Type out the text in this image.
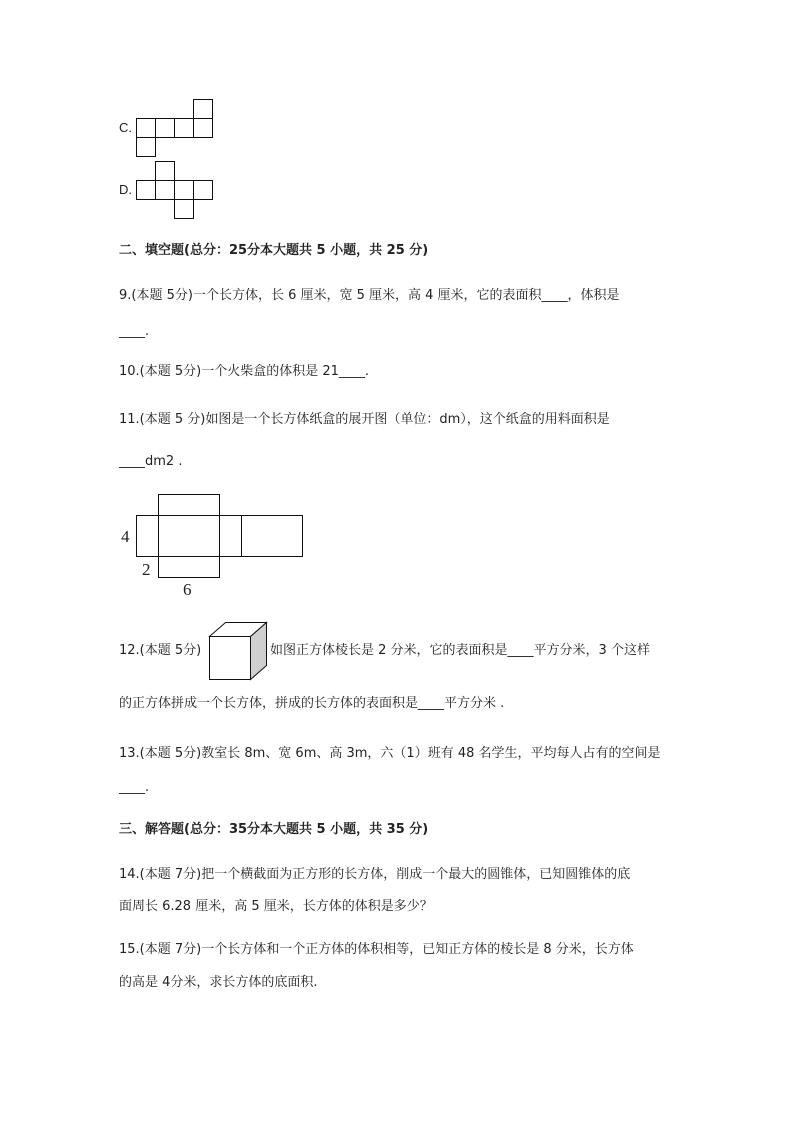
C.
D.
二、填空题(总分：25分本大题共 5 小题，共 25 分)
9.(本题 5分)一个长方体，长 6 厘米，宽 5 厘米，高 4 厘米，它的表面积____，体积是
____.
10.(本题 5分)一个火柴盒的体积是 21____.
11.(本题 5 分)如图是一个长方体纸盒的展开图（单位：dm），这个纸盒的用料面积是
____dm2 .
4
2
6
12.(本题 5分)	如图正方体棱长是 2 分米，它的表面积是____平方分米，3 个这样
的正方体拼成一个长方体，拼成的长方体的表面积是____平方分米 .
13.(本题 5分)教室长 8m、宽 6m、高 3m，六（1）班有 48 名学生，平均每人占有的空间是
____.
三、解答题(总分：35分本大题共 5 小题，共 35 分)
14.(本题 7分)把一个横截面为正方形的长方体，削成一个最大的圆锥体，已知圆锥体的底
面周长 6.28 厘米，高 5 厘米，长方体的体积是多少？
15.(本题 7分)一个长方体和一个正方体的体积相等，已知正方体的棱长是 8 分米，长方体
的高是 4分米，求长方体的底面积.
